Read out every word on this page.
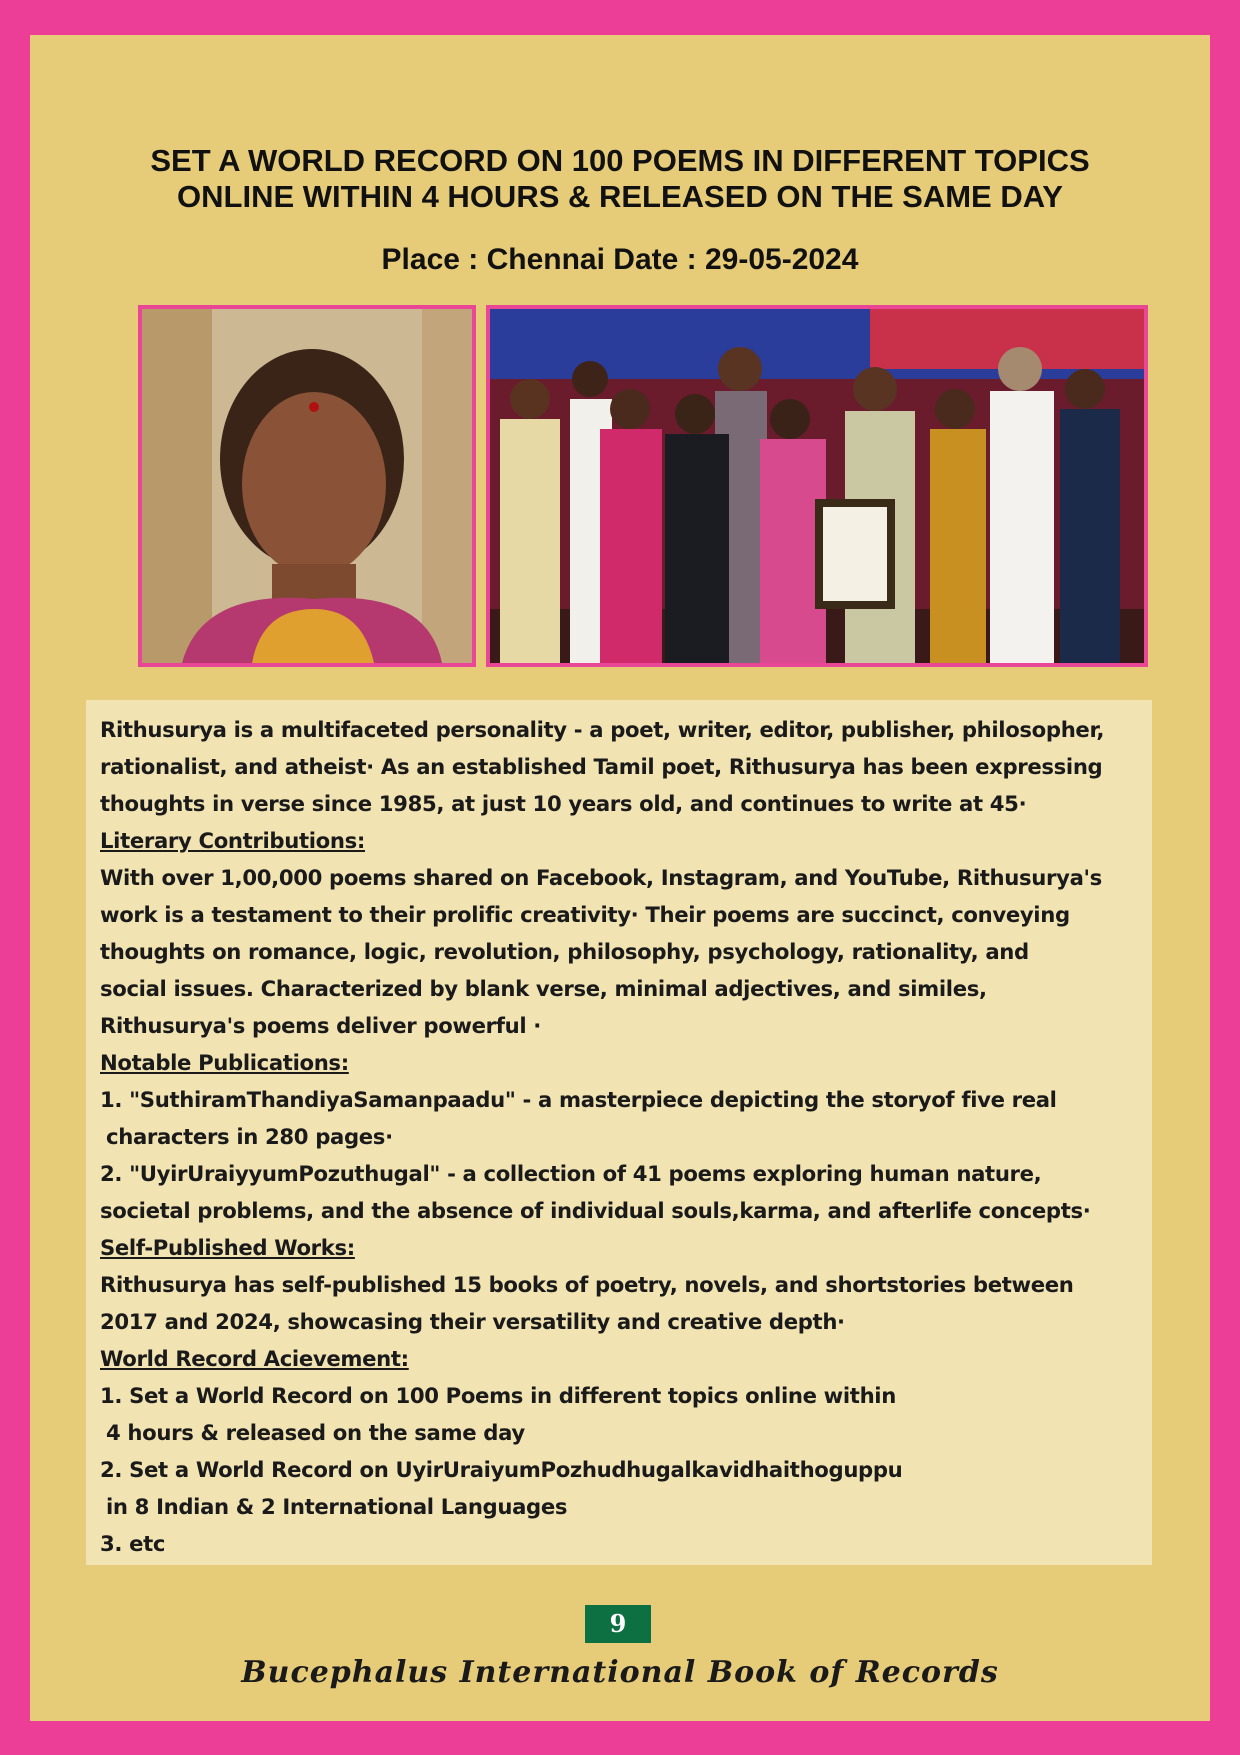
SET A WORLD RECORD ON 100 POEMS IN DIFFERENT TOPICS
ONLINE WITHIN 4 HOURS & RELEASED ON THE SAME DAY
Place : Chennai Date : 29-05-2024

Rithusurya is a multifaceted personality - a poet, writer, editor, publisher, philosopher,

rationalist, and atheist· As an established Tamil poet, Rithusurya has been expressing

thoughts in verse since 1985, at just 10 years old, and continues to write at 45·

Literary Contributions:

With over 1,00,000 poems shared on Facebook, Instagram, and YouTube, Rithusurya's

work is a testament to their prolific creativity· Their poems are succinct, conveying

thoughts on romance, logic, revolution, philosophy, psychology, rationality, and

social issues. Characterized by blank verse, minimal adjectives, and similes,

Rithusurya's poems deliver powerful ·

Notable Publications:

1. "SuthiramThandiyaSamanpaadu" - a masterpiece depicting the storyof five real

characters in 280 pages·

2. "UyirUraiyyumPozuthugal" - a collection of 41 poems exploring human nature,

societal problems, and the absence of individual souls,karma, and afterlife concepts·

Self-Published Works:

Rithusurya has self-published 15 books of poetry, novels, and shortstories between

2017 and 2024, showcasing their versatility and creative depth·

World Record Acievement:

1. Set a World Record on 100 Poems in different topics online within

4 hours & released on the same day

2. Set a World Record on UyirUraiyumPozhudhugalkavidhaithoguppu

in 8 Indian & 2 International Languages

3. etc

9
Bucephalus International Book of Records
